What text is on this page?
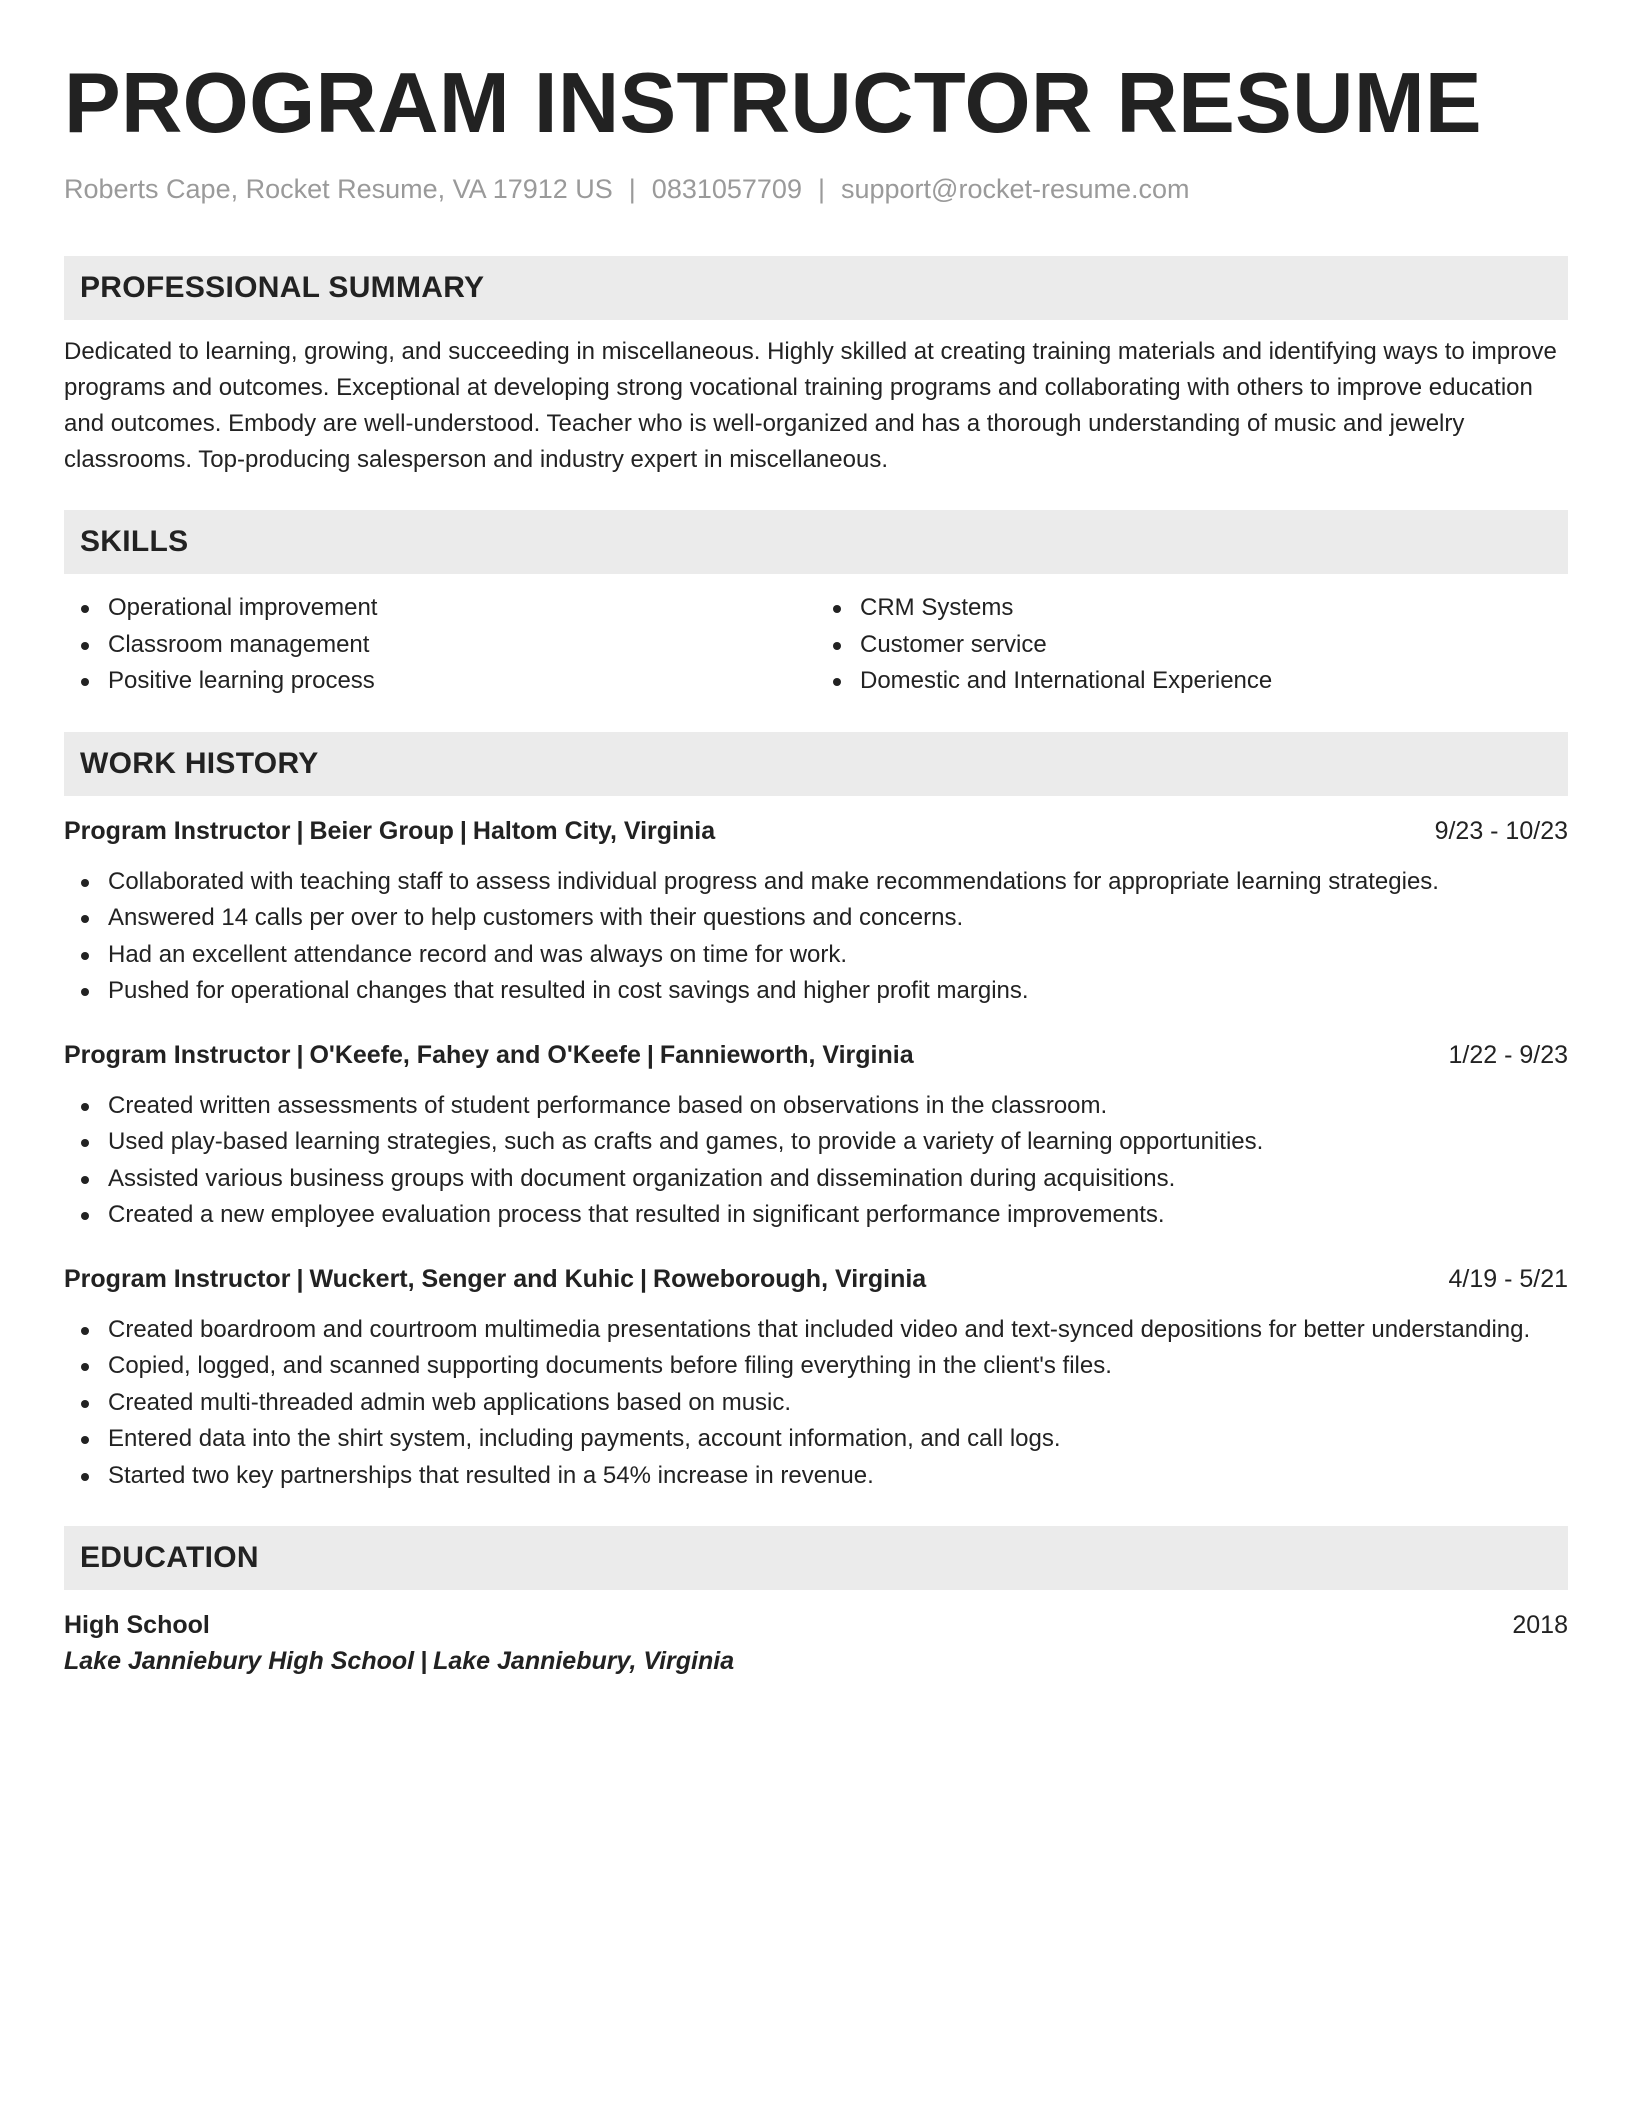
PROGRAM INSTRUCTOR RESUME
Roberts Cape, Rocket Resume, VA 17912 US | 0831057709 | support@rocket-resume.com
PROFESSIONAL SUMMARY

Dedicated to learning, growing, and succeeding in miscellaneous. Highly skilled at creating training materials and identifying ways to improve programs and outcomes. Exceptional at developing strong vocational training programs and collaborating with others to improve education and outcomes. Embody are well-understood. Teacher who is well-organized and has a thorough understanding of music and jewelry classrooms. Top-producing salesperson and industry expert in miscellaneous.

SKILLS
Operational improvement
Classroom management
Positive learning process
CRM Systems
Customer service
Domestic and International Experience
WORK HISTORY
Program Instructor | Beier Group | Haltom City, Virginia	9/23 - 10/23
Collaborated with teaching staff to assess individual progress and make recommendations for appropriate learning strategies.
Answered 14 calls per over to help customers with their questions and concerns.
Had an excellent attendance record and was always on time for work.
Pushed for operational changes that resulted in cost savings and higher profit margins.
Program Instructor | O'Keefe, Fahey and O'Keefe | Fannieworth, Virginia	1/22 - 9/23
Created written assessments of student performance based on observations in the classroom.
Used play-based learning strategies, such as crafts and games, to provide a variety of learning opportunities.
Assisted various business groups with document organization and dissemination during acquisitions.
Created a new employee evaluation process that resulted in significant performance improvements.
Program Instructor | Wuckert, Senger and Kuhic | Roweborough, Virginia	4/19 - 5/21
Created boardroom and courtroom multimedia presentations that included video and text-synced depositions for better understanding.
Copied, logged, and scanned supporting documents before filing everything in the client's files.
Created multi-threaded admin web applications based on music.
Entered data into the shirt system, including payments, account information, and call logs.
Started two key partnerships that resulted in a 54% increase in revenue.
EDUCATION
High School	2018
Lake Janniebury High School | Lake Janniebury, Virginia
